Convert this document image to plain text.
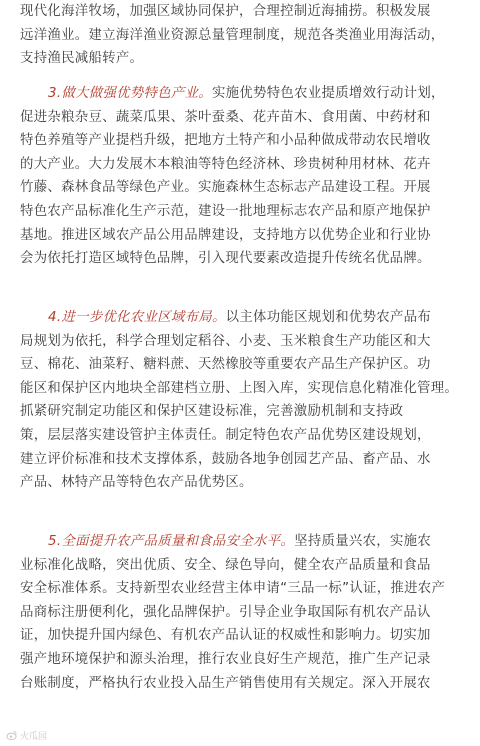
现代化海洋牧场，加强区域协同保护，合理控制近海捕捞。积极发展
远洋渔业。建立海洋渔业资源总量管理制度，规范各类渔业用海活动，
支持渔民减船转产。
3.做大做强优势特色产业。实施优势特色农业提质增效行动计划，
促进杂粮杂豆、蔬菜瓜果、茶叶蚕桑、花卉苗木、食用菌、中药材和
特色养殖等产业提档升级，把地方土特产和小品种做成带动农民增收
的大产业。大力发展木本粮油等特色经济林、珍贵树种用材林、花卉
竹藤、森林食品等绿色产业。实施森林生态标志产品建设工程。开展
特色农产品标准化生产示范，建设一批地理标志农产品和原产地保护
基地。推进区域农产品公用品牌建设，支持地方以优势企业和行业协
会为依托打造区域特色品牌，引入现代要素改造提升传统名优品牌。
4.进一步优化农业区域布局。以主体功能区规划和优势农产品布
局规划为依托，科学合理划定稻谷、小麦、玉米粮食生产功能区和大
豆、棉花、油菜籽、糖料蔗、天然橡胶等重要农产品生产保护区。功
能区和保护区内地块全部建档立册、上图入库，实现信息化精准化管理。
抓紧研究制定功能区和保护区建设标准，完善激励机制和支持政
策，层层落实建设管护主体责任。制定特色农产品优势区建设规划，
建立评价标准和技术支撑体系，鼓励各地争创园艺产品、畜产品、水
产品、林特产品等特色农产品优势区。
5.全面提升农产品质量和食品安全水平。坚持质量兴农，实施农
业标准化战略，突出优质、安全、绿色导向，健全农产品质量和食品
安全标准体系。支持新型农业经营主体申请“三品一标”认证，推进农产
品商标注册便利化，强化品牌保护。引导企业争取国际有机农产品认
证，加快提升国内绿色、有机农产品认证的权威性和影响力。切实加
强产地环境保护和源头治理，推行农业良好生产规范，推广生产记录
台账制度，严格执行农业投入品生产销售使用有关规定。深入开展农
火瓜园
